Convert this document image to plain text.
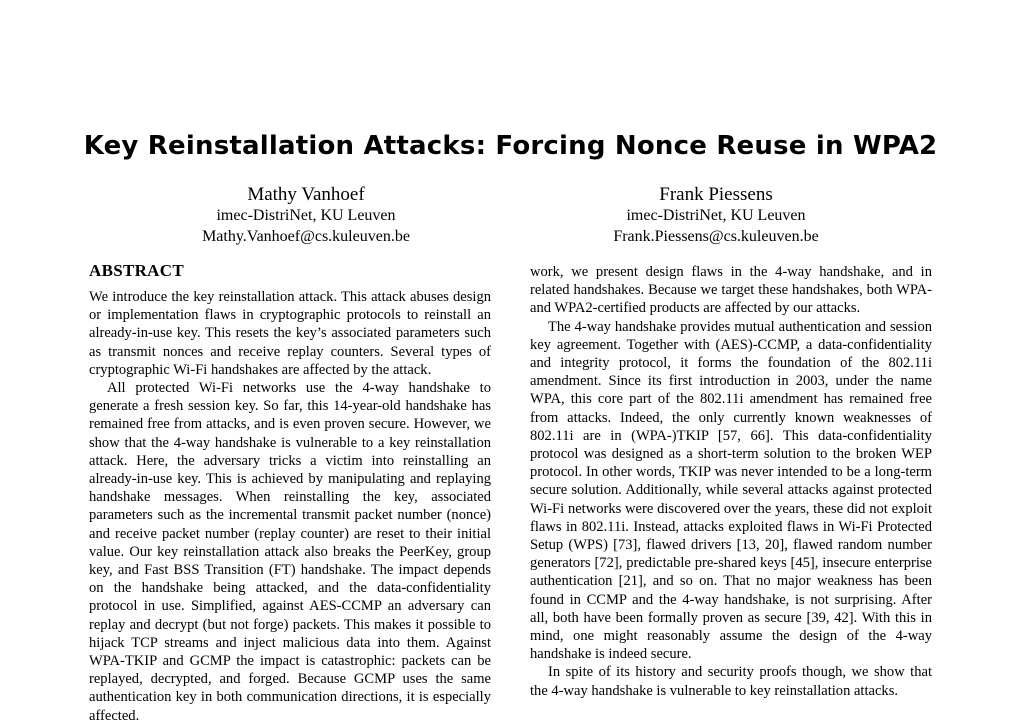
Key Reinstallation Attacks: Forcing Nonce Reuse in WPA2
Mathy Vanhoef
imec-DistriNet, KU Leuven
Mathy.Vanhoef@cs.kuleuven.be
Frank Piessens
imec-DistriNet, KU Leuven
Frank.Piessens@cs.kuleuven.be
ABSTRACT

We introduce the key reinstallation attack. This attack abuses design or implementation flaws in cryptographic protocols to reinstall an already-in-use key. This resets the key’s associated parameters such as transmit nonces and receive replay counters. Several types of cryptographic Wi-Fi handshakes are affected by the attack.

All protected Wi-Fi networks use the 4-way handshake to generate a fresh session key. So far, this 14-year-old handshake has remained free from attacks, and is even proven secure. However, we show that the 4-way handshake is vulnerable to a key reinstallation attack. Here, the adversary tricks a victim into reinstalling an already-in-use key. This is achieved by manipulating and replaying handshake messages. When reinstalling the key, associated parameters such as the incremental transmit packet number (nonce) and receive packet number (replay counter) are reset to their initial value. Our key reinstallation attack also breaks the PeerKey, group key, and Fast BSS Transition (FT) handshake. The impact depends on the handshake being attacked, and the data-confidentiality protocol in use. Simplified, against AES-CCMP an adversary can replay and decrypt (but not forge) packets. This makes it possible to hijack TCP streams and inject malicious data into them. Against WPA-TKIP and GCMP the impact is catastrophic: packets can be replayed, decrypted, and forged. Because GCMP uses the same authentication key in both communication directions, it is especially affected.

work, we present design flaws in the 4-way handshake, and in related handshakes. Because we target these handshakes, both WPA- and WPA2-certified products are affected by our attacks.

The 4-way handshake provides mutual authentication and session key agreement. Together with (AES)-CCMP, a data-confidentiality and integrity protocol, it forms the foundation of the 802.11i amendment. Since its first introduction in 2003, under the name WPA, this core part of the 802.11i amendment has remained free from attacks. Indeed, the only currently known weaknesses of 802.11i are in (WPA-)TKIP [57, 66]. This data-confidentiality protocol was designed as a short-term solution to the broken WEP protocol. In other words, TKIP was never intended to be a long-term secure solution. Additionally, while several attacks against protected Wi-Fi networks were discovered over the years, these did not exploit flaws in 802.11i. Instead, attacks exploited flaws in Wi-Fi Protected Setup (WPS) [73], flawed drivers [13, 20], flawed random number generators [72], predictable pre-shared keys [45], insecure enterprise authentication [21], and so on. That no major weakness has been found in CCMP and the 4-way handshake, is not surprising. After all, both have been formally proven as secure [39, 42]. With this in mind, one might reasonably assume the design of the 4-way handshake is indeed secure.

In spite of its history and security proofs though, we show that the 4-way handshake is vulnerable to key reinstallation attacks.
